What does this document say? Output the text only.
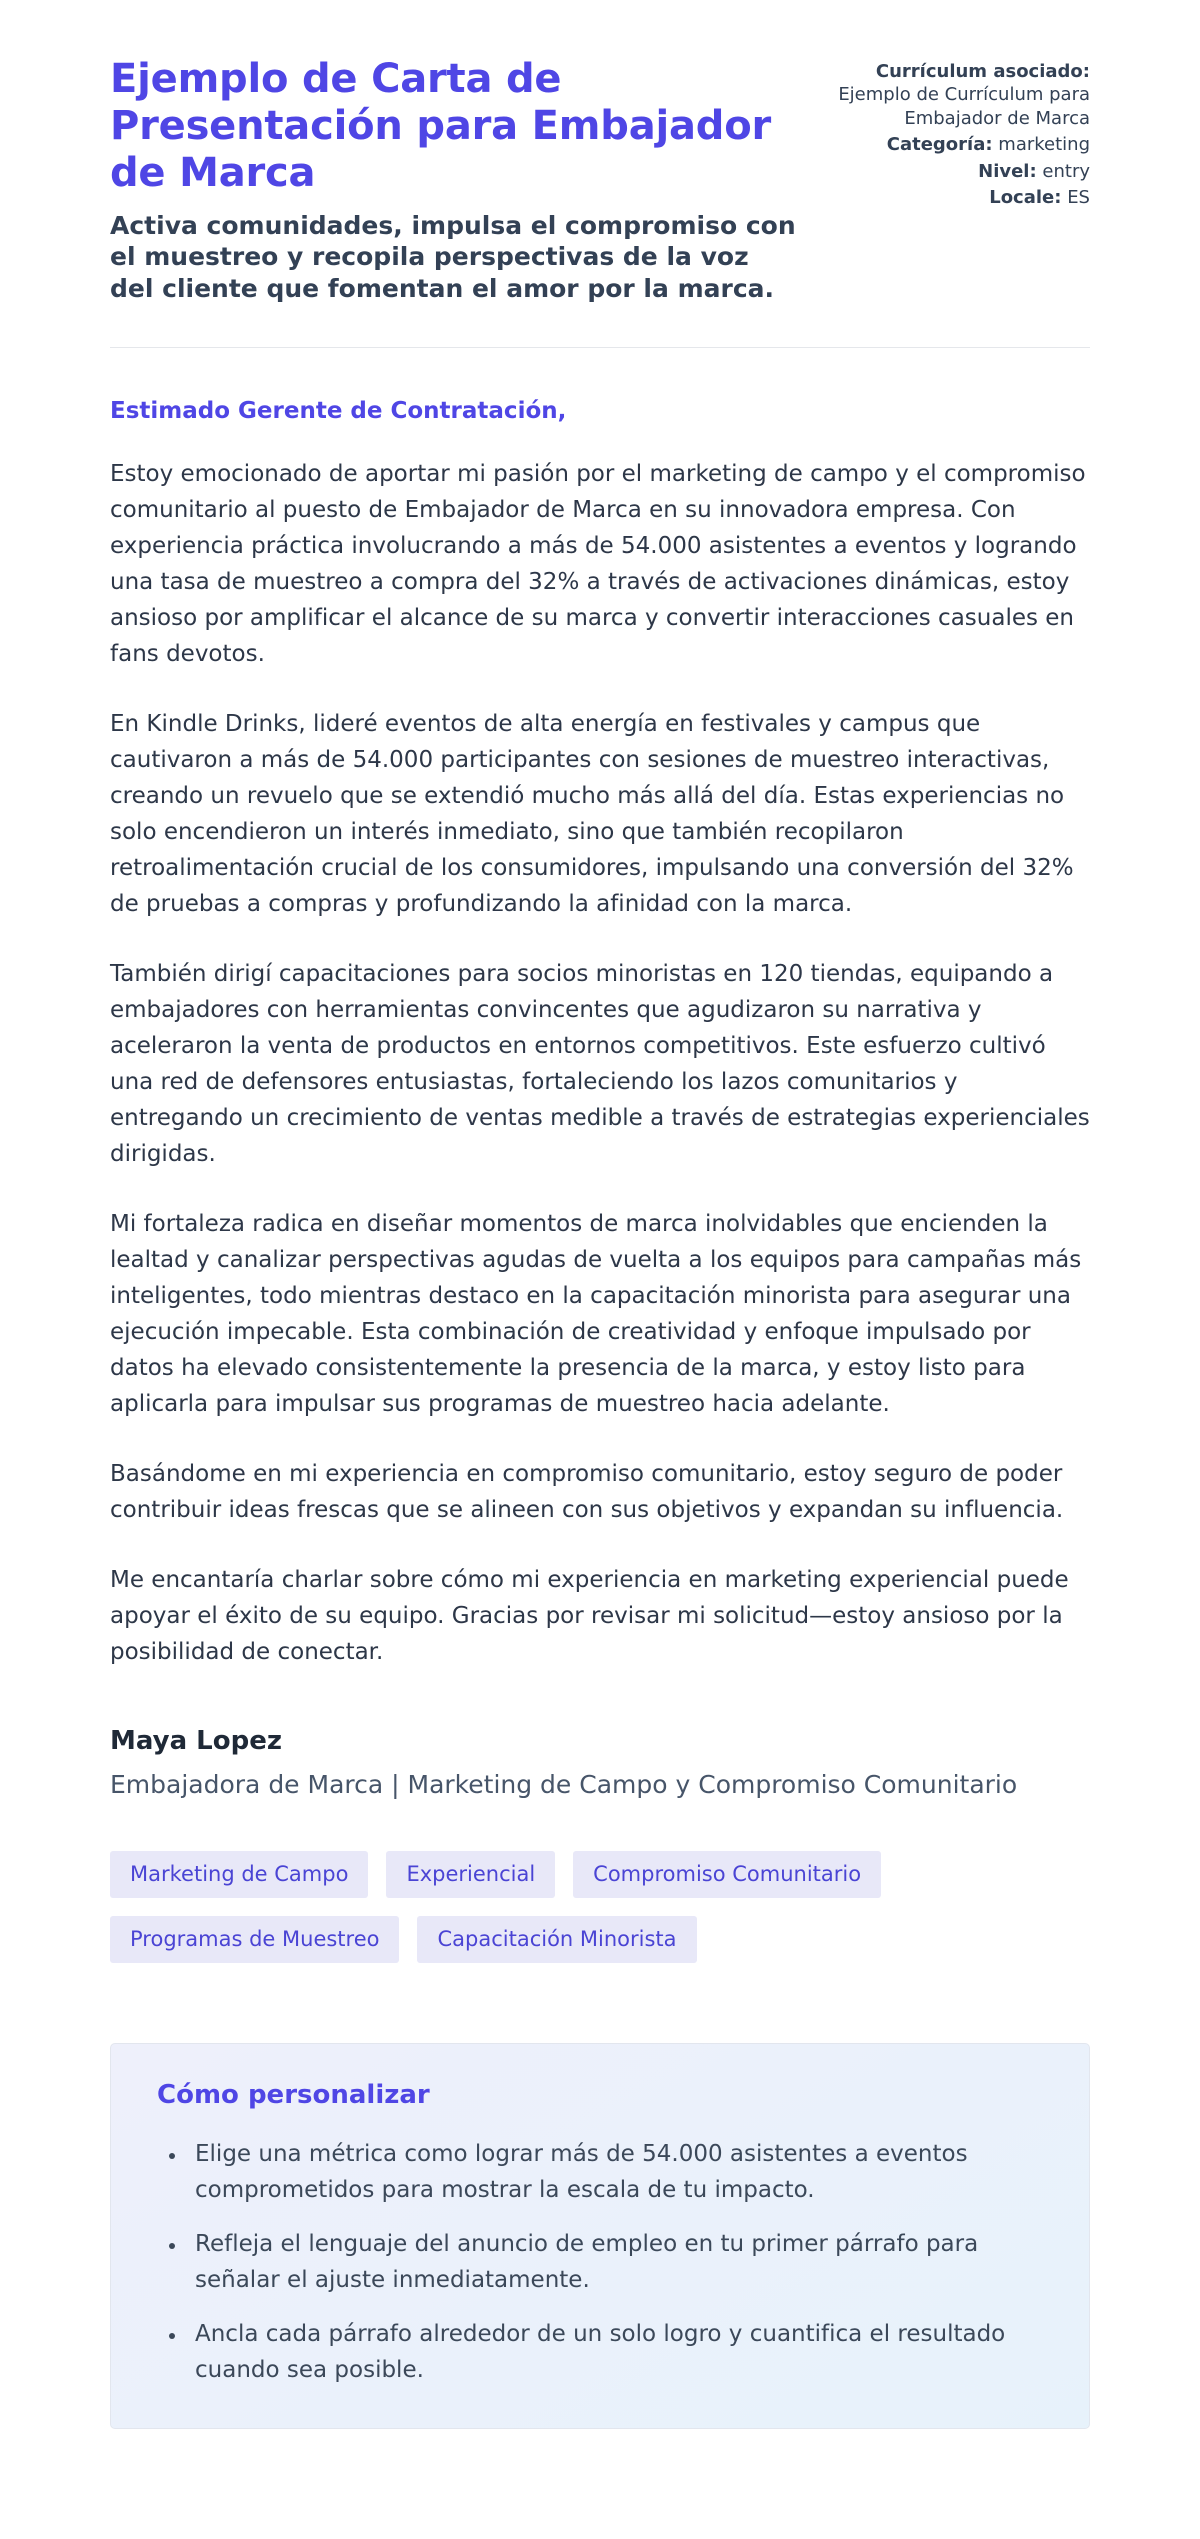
Ejemplo de Carta de Presentación para Embajador de Marca

Activa comunidades, impulsa el compromiso con el muestreo y recopila perspectivas de la voz del cliente que fomentan el amor por la marca.

Currículum asociado: Ejemplo de Currículum para Embajador de Marca
Categoría: marketing
Nivel: entry
Locale: ES

Estimado Gerente de Contratación,

Estoy emocionado de aportar mi pasión por el marketing de campo y el compromiso comunitario al puesto de Embajador de Marca en su innovadora empresa. Con experiencia práctica involucrando a más de 54.000 asistentes a eventos y logrando una tasa de muestreo a compra del 32% a través de activaciones dinámicas, estoy ansioso por amplificar el alcance de su marca y convertir interacciones casuales en fans devotos.

En Kindle Drinks, lideré eventos de alta energía en festivales y campus que cautivaron a más de 54.000 participantes con sesiones de muestreo interactivas, creando un revuelo que se extendió mucho más allá del día. Estas experiencias no solo encendieron un interés inmediato, sino que también recopilaron retroalimentación crucial de los consumidores, impulsando una conversión del 32% de pruebas a compras y profundizando la afinidad con la marca.

También dirigí capacitaciones para socios minoristas en 120 tiendas, equipando a embajadores con herramientas convincentes que agudizaron su narrativa y aceleraron la venta de productos en entornos competitivos. Este esfuerzo cultivó una red de defensores entusiastas, fortaleciendo los lazos comunitarios y entregando un crecimiento de ventas medible a través de estrategias experienciales dirigidas.

Mi fortaleza radica en diseñar momentos de marca inolvidables que encienden la lealtad y canalizar perspectivas agudas de vuelta a los equipos para campañas más inteligentes, todo mientras destaco en la capacitación minorista para asegurar una ejecución impecable. Esta combinación de creatividad y enfoque impulsado por datos ha elevado consistentemente la presencia de la marca, y estoy listo para aplicarla para impulsar sus programas de muestreo hacia adelante.

Basándome en mi experiencia en compromiso comunitario, estoy seguro de poder contribuir ideas frescas que se alineen con sus objetivos y expandan su influencia.

Me encantaría charlar sobre cómo mi experiencia en marketing experiencial puede apoyar el éxito de su equipo. Gracias por revisar mi solicitud—estoy ansioso por la posibilidad de conectar.

Maya Lopez

Embajadora de Marca | Marketing de Campo y Compromiso Comunitario

Marketing de Campo	Experiencial	Compromiso Comunitario
Programas de Muestreo	Capacitación Minorista
Cómo personalizar
• Elige una métrica como lograr más de 54.000 asistentes a eventos comprometidos para mostrar la escala de tu impacto.
• Refleja el lenguaje del anuncio de empleo en tu primer párrafo para señalar el ajuste inmediatamente.
• Ancla cada párrafo alrededor de un solo logro y cuantifica el resultado cuando sea posible.
